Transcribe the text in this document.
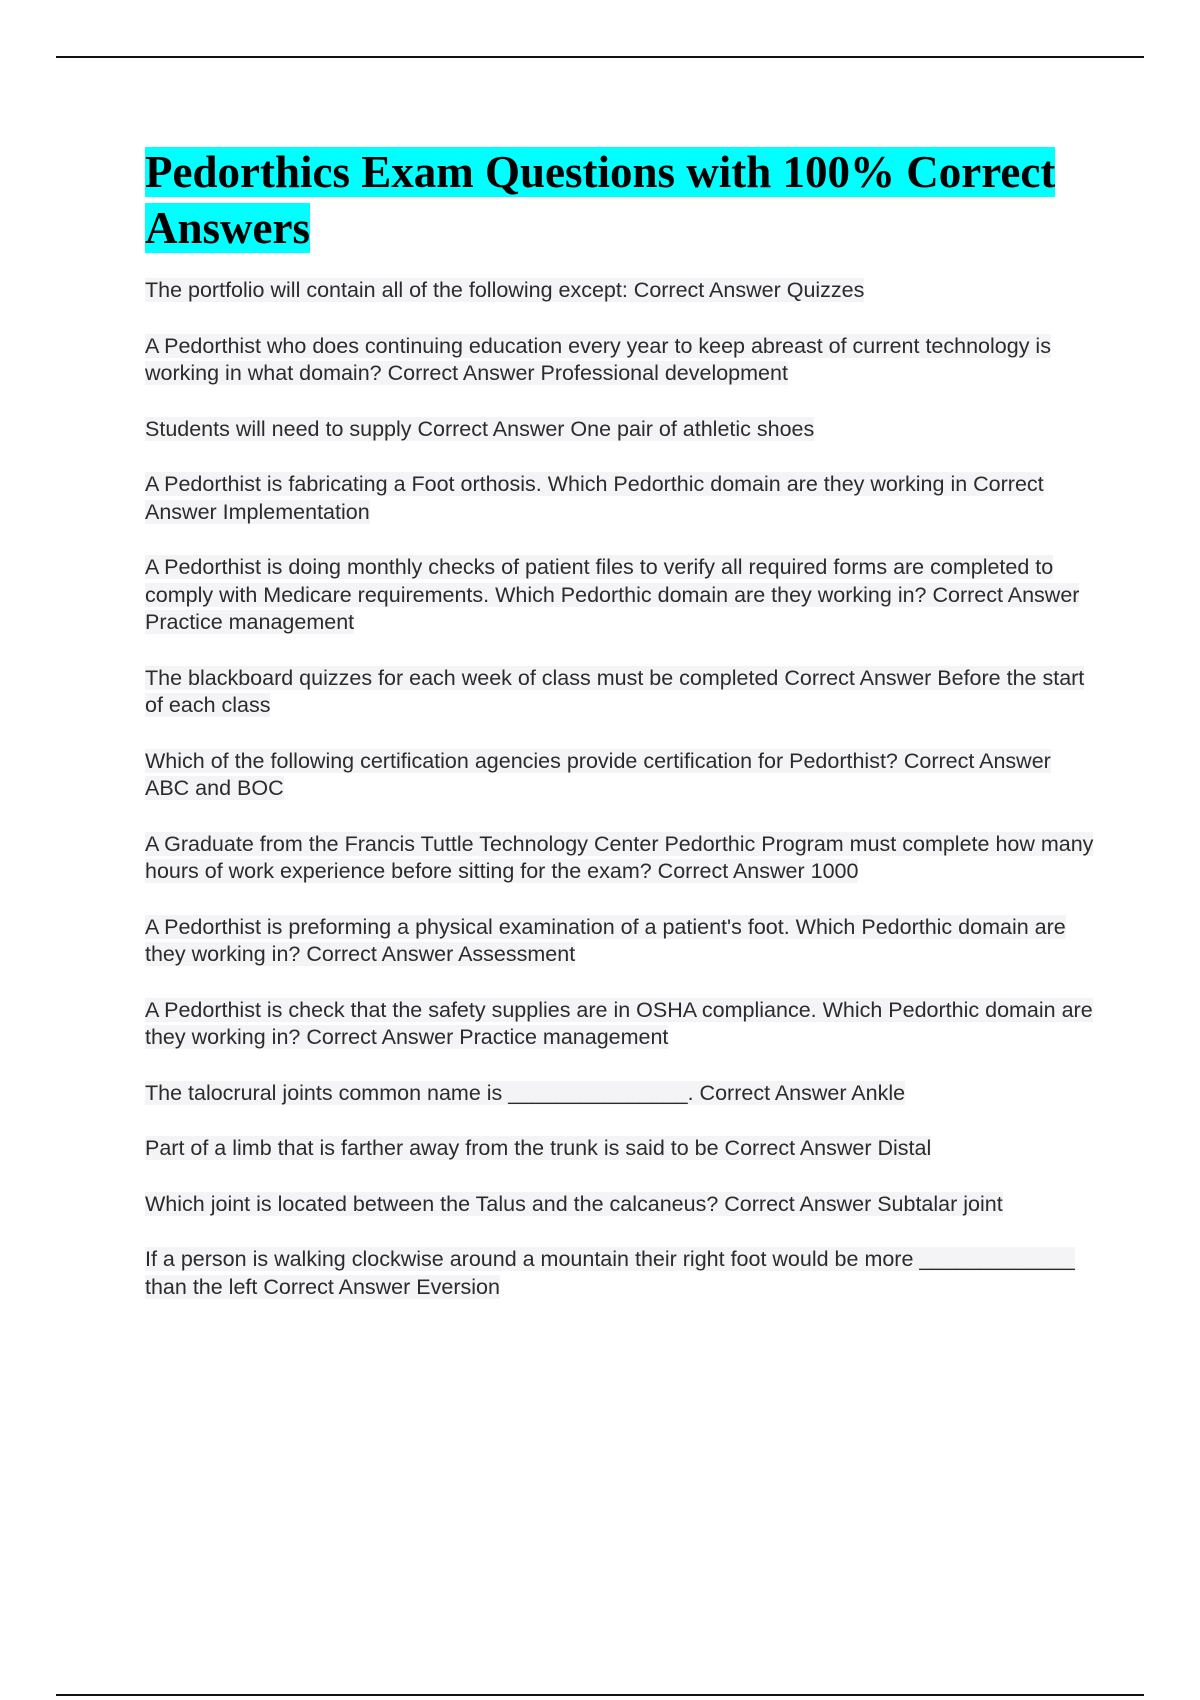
Pedorthics Exam Questions with 100% Correct Answers
The portfolio will contain all of the following except: Correct Answer Quizzes
A Pedorthist who does continuing education every year to keep abreast of current technology is working in what domain? Correct Answer Professional development
Students will need to supply Correct Answer One pair of athletic shoes
A Pedorthist is fabricating a Foot orthosis. Which Pedorthic domain are they working in Correct Answer Implementation
A Pedorthist is doing monthly checks of patient files to verify all required forms are completed to comply with Medicare requirements. Which Pedorthic domain are they working in? Correct Answer Practice management
The blackboard quizzes for each week of class must be completed Correct Answer Before the start of each class
Which of the following certification agencies provide certification for Pedorthist? Correct Answer ABC and BOC
A Graduate from the Francis Tuttle Technology Center Pedorthic Program must complete how many hours of work experience before sitting for the exam? Correct Answer 1000
A Pedorthist is preforming a physical examination of a patient's foot. Which Pedorthic domain are they working in? Correct Answer Assessment
A Pedorthist is check that the safety supplies are in OSHA compliance. Which Pedorthic domain are they working in? Correct Answer Practice management
The talocrural joints common name is _______________. Correct Answer Ankle
Part of a limb that is farther away from the trunk is said to be Correct Answer Distal
Which joint is located between the Talus and the calcaneus? Correct Answer Subtalar joint
If a person is walking clockwise around a mountain their right foot would be more _____________ than the left Correct Answer Eversion
